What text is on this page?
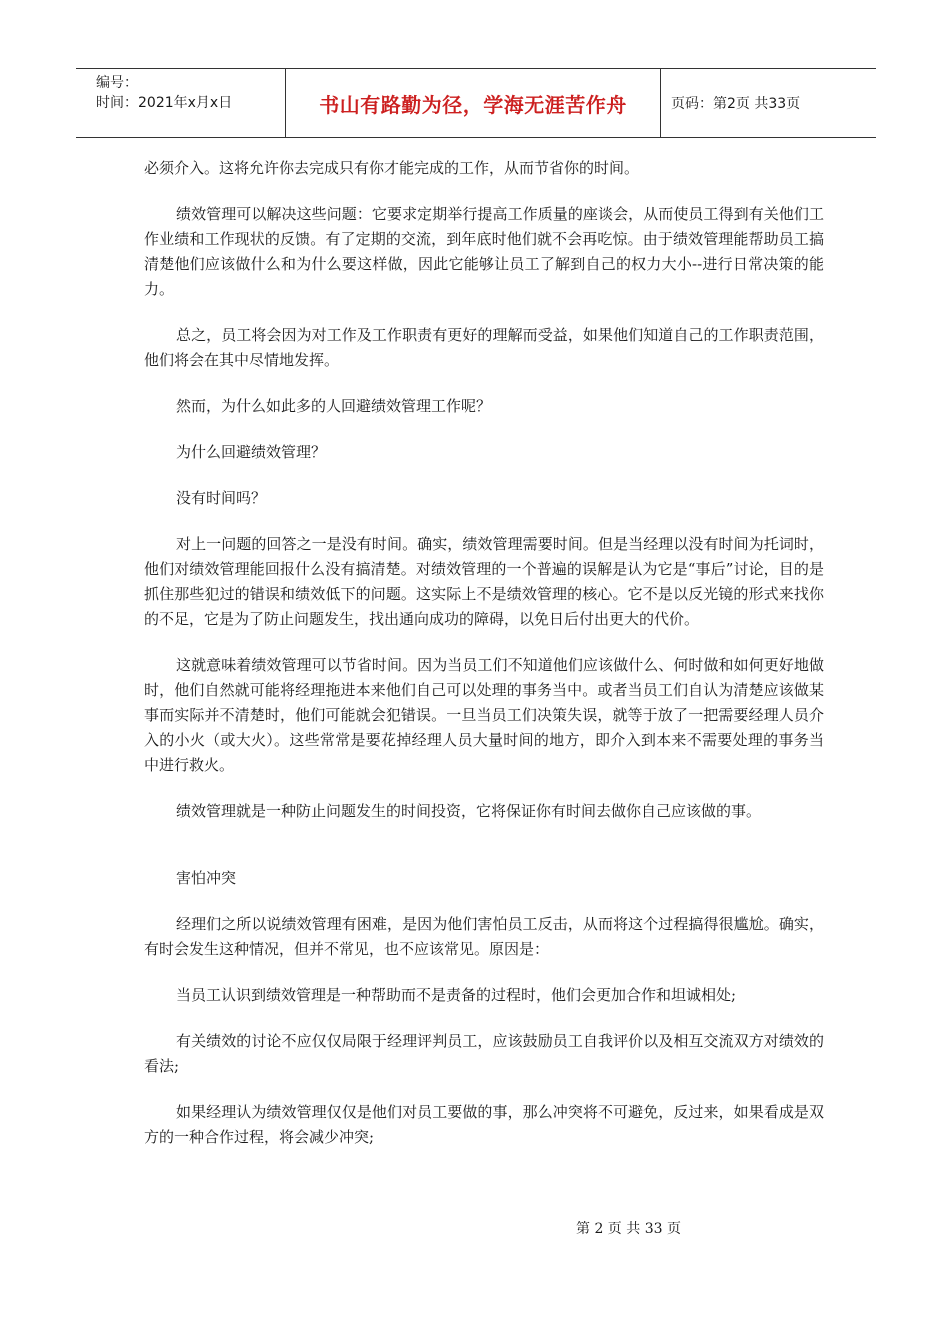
编号：
时间：2021年x月x日	书山有路勤为径，学海无涯苦作舟	页码：第2页 共33页

必须介入。这将允许你去完成只有你才能完成的工作，从而节省你的时间。

绩效管理可以解决这些问题：它要求定期举行提高工作质量的座谈会，从而使员工得到有关他们工作业绩和工作现状的反馈。有了定期的交流，到年底时他们就不会再吃惊。由于绩效管理能帮助员工搞清楚他们应该做什么和为什么要这样做，因此它能够让员工了解到自己的权力大小--进行日常决策的能力。

总之，员工将会因为对工作及工作职责有更好的理解而受益，如果他们知道自己的工作职责范围，他们将会在其中尽情地发挥。

然而，为什么如此多的人回避绩效管理工作呢？

为什么回避绩效管理？

没有时间吗？

对上一问题的回答之一是没有时间。确实，绩效管理需要时间。但是当经理以没有时间为托词时，他们对绩效管理能回报什么没有搞清楚。对绩效管理的一个普遍的误解是认为它是“事后”讨论，目的是抓住那些犯过的错误和绩效低下的问题。这实际上不是绩效管理的核心。它不是以反光镜的形式来找你的不足，它是为了防止问题发生，找出通向成功的障碍，以免日后付出更大的代价。

这就意味着绩效管理可以节省时间。因为当员工们不知道他们应该做什么、何时做和如何更好地做时，他们自然就可能将经理拖进本来他们自己可以处理的事务当中。或者当员工们自认为清楚应该做某事而实际并不清楚时，他们可能就会犯错误。一旦当员工们决策失误，就等于放了一把需要经理人员介入的小火（或大火）。这些常常是要花掉经理人员大量时间的地方，即介入到本来不需要处理的事务当中进行救火。

绩效管理就是一种防止问题发生的时间投资，它将保证你有时间去做你自己应该做的事。

害怕冲突

经理们之所以说绩效管理有困难，是因为他们害怕员工反击，从而将这个过程搞得很尴尬。确实，有时会发生这种情况，但并不常见，也不应该常见。原因是：

当员工认识到绩效管理是一种帮助而不是责备的过程时，他们会更加合作和坦诚相处;

有关绩效的讨论不应仅仅局限于经理评判员工，应该鼓励员工自我评价以及相互交流双方对绩效的看法;

如果经理认为绩效管理仅仅是他们对员工要做的事，那么冲突将不可避免，反过来，如果看成是双方的一种合作过程，将会减少冲突;

第 2 页 共 33 页
